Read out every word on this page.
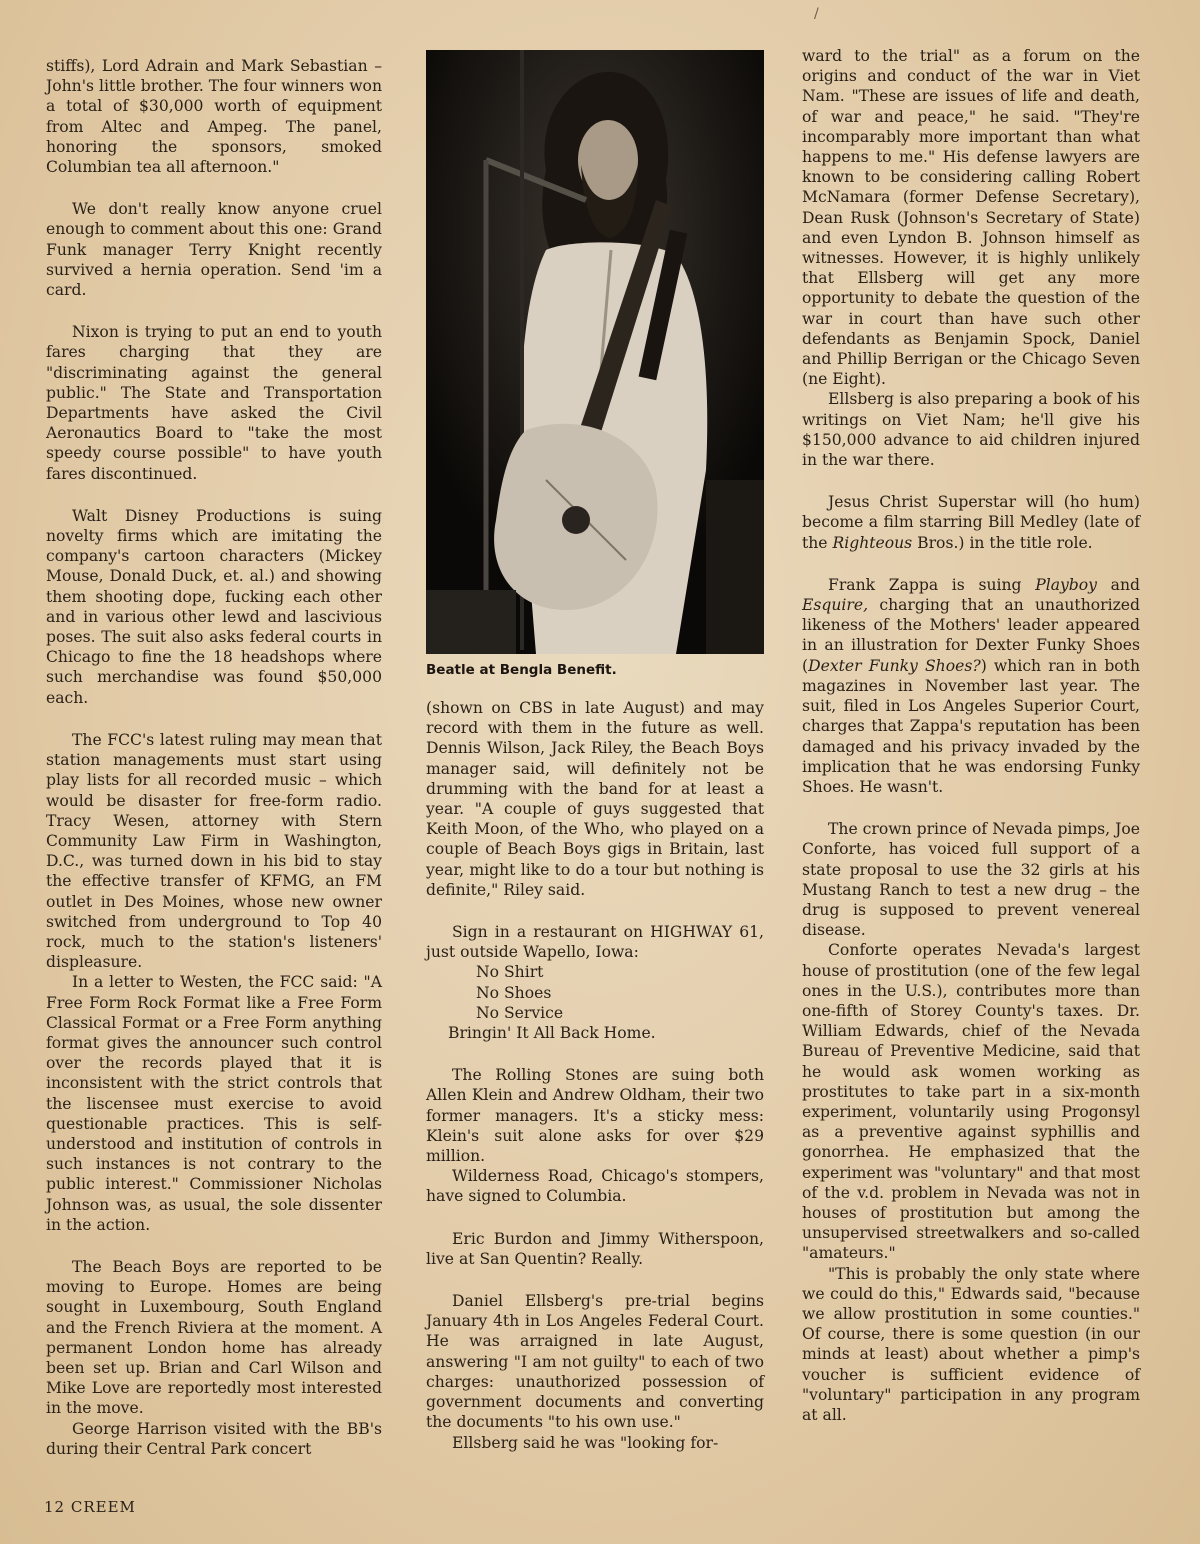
/

stiffs), Lord Adrain and Mark Sebastian – John's little brother. The four winners won a total of $30,000 worth of equipment from Altec and Ampeg. The panel, honoring the sponsors, smoked Columbian tea all afternoon."

We don't really know anyone cruel enough to comment about this one: Grand Funk manager Terry Knight recently survived a hernia operation. Send 'im a card.

Nixon is trying to put an end to youth fares charging that they are "discriminating against the general public." The State and Transportation Departments have asked the Civil Aeronautics Board to "take the most speedy course possible" to have youth fares discontinued.

Walt Disney Productions is suing novelty firms which are imitating the company's cartoon characters (Mickey Mouse, Donald Duck, et. al.) and showing them shooting dope, fucking each other and in various other lewd and lascivious poses. The suit also asks federal courts in Chicago to fine the 18 headshops where such merchandise was found $50,000 each.

The FCC's latest ruling may mean that station managements must start using play lists for all recorded music – which would be disaster for free-form radio. Tracy Wesen, attorney with Stern Community Law Firm in Washington, D.C., was turned down in his bid to stay the effective transfer of KFMG, an FM outlet in Des Moines, whose new owner switched from underground to Top 40 rock, much to the station's listeners' displeasure.

In a letter to Westen, the FCC said: "A Free Form Rock Format like a Free Form Classical Format or a Free Form anything format gives the announcer such control over the records played that it is inconsistent with the strict controls that the liscensee must exercise to avoid questionable practices. This is self-understood and institution of controls in such instances is not contrary to the public interest." Commissioner Nicholas Johnson was, as usual, the sole dissenter in the action.

The Beach Boys are reported to be moving to Europe. Homes are being sought in Luxembourg, South England and the French Riviera at the moment. A permanent London home has already been set up. Brian and Carl Wilson and Mike Love are reportedly most interested in the move.

George Harrison visited with the BB's during their Central Park concert

Beatle at Bengla Benefit.

(shown on CBS in late August) and may record with them in the future as well. Dennis Wilson, Jack Riley, the Beach Boys manager said, will definitely not be drumming with the band for at least a year. "A couple of guys suggested that Keith Moon, of the Who, who played on a couple of Beach Boys gigs in Britain, last year, might like to do a tour but nothing is definite," Riley said.

Sign in a restaurant on HIGHWAY 61, just outside Wapello, Iowa:

No Shirt
No Shoes
No Service
Bringin' It All Back Home.

The Rolling Stones are suing both Allen Klein and Andrew Oldham, their two former managers. It's a sticky mess: Klein's suit alone asks for over $29 million.

Wilderness Road, Chicago's stompers, have signed to Columbia.

Eric Burdon and Jimmy Witherspoon, live at San Quentin? Really.

Daniel Ellsberg's pre-trial begins January 4th in Los Angeles Federal Court. He was arraigned in late August, answering "I am not guilty" to each of two charges: unauthorized possession of government documents and converting the documents "to his own use."

Ellsberg said he was "looking for-

ward to the trial" as a forum on the origins and conduct of the war in Viet Nam. "These are issues of life and death, of war and peace," he said. "They're incomparably more important than what happens to me." His defense lawyers are known to be considering calling Robert McNamara (former Defense Secretary), Dean Rusk (Johnson's Secretary of State) and even Lyndon B. Johnson himself as witnesses. However, it is highly unlikely that Ellsberg will get any more opportunity to debate the question of the war in court than have such other defendants as Benjamin Spock, Daniel and Phillip Berrigan or the Chicago Seven (ne Eight).

Ellsberg is also preparing a book of his writings on Viet Nam; he'll give his $150,000 advance to aid children injured in the war there.

Jesus Christ Superstar will (ho hum) become a film starring Bill Medley (late of the Righteous Bros.) in the title role.

Frank Zappa is suing Playboy and Esquire, charging that an unauthorized likeness of the Mothers' leader appeared in an illustration for Dexter Funky Shoes (Dexter Funky Shoes?) which ran in both magazines in November last year. The suit, filed in Los Angeles Superior Court, charges that Zappa's reputation has been damaged and his privacy invaded by the implication that he was endorsing Funky Shoes. He wasn't.

The crown prince of Nevada pimps, Joe Conforte, has voiced full support of a state proposal to use the 32 girls at his Mustang Ranch to test a new drug – the drug is supposed to prevent venereal disease.

Conforte operates Nevada's largest house of prostitution (one of the few legal ones in the U.S.), contributes more than one-fifth of Storey County's taxes. Dr. William Edwards, chief of the Nevada Bureau of Preventive Medicine, said that he would ask women working as prostitutes to take part in a six-month experiment, voluntarily using Progonsyl as a preventive against syphillis and gonorrhea. He emphasized that the experiment was "voluntary" and that most of the v.d. problem in Nevada was not in houses of prostitution but among the unsupervised streetwalkers and so-called "amateurs."

"This is probably the only state where we could do this," Edwards said, "because we allow prostitution in some counties." Of course, there is some question (in our minds at least) about whether a pimp's voucher is sufficient evidence of "voluntary" participation in any program at all.

12 CREEM
